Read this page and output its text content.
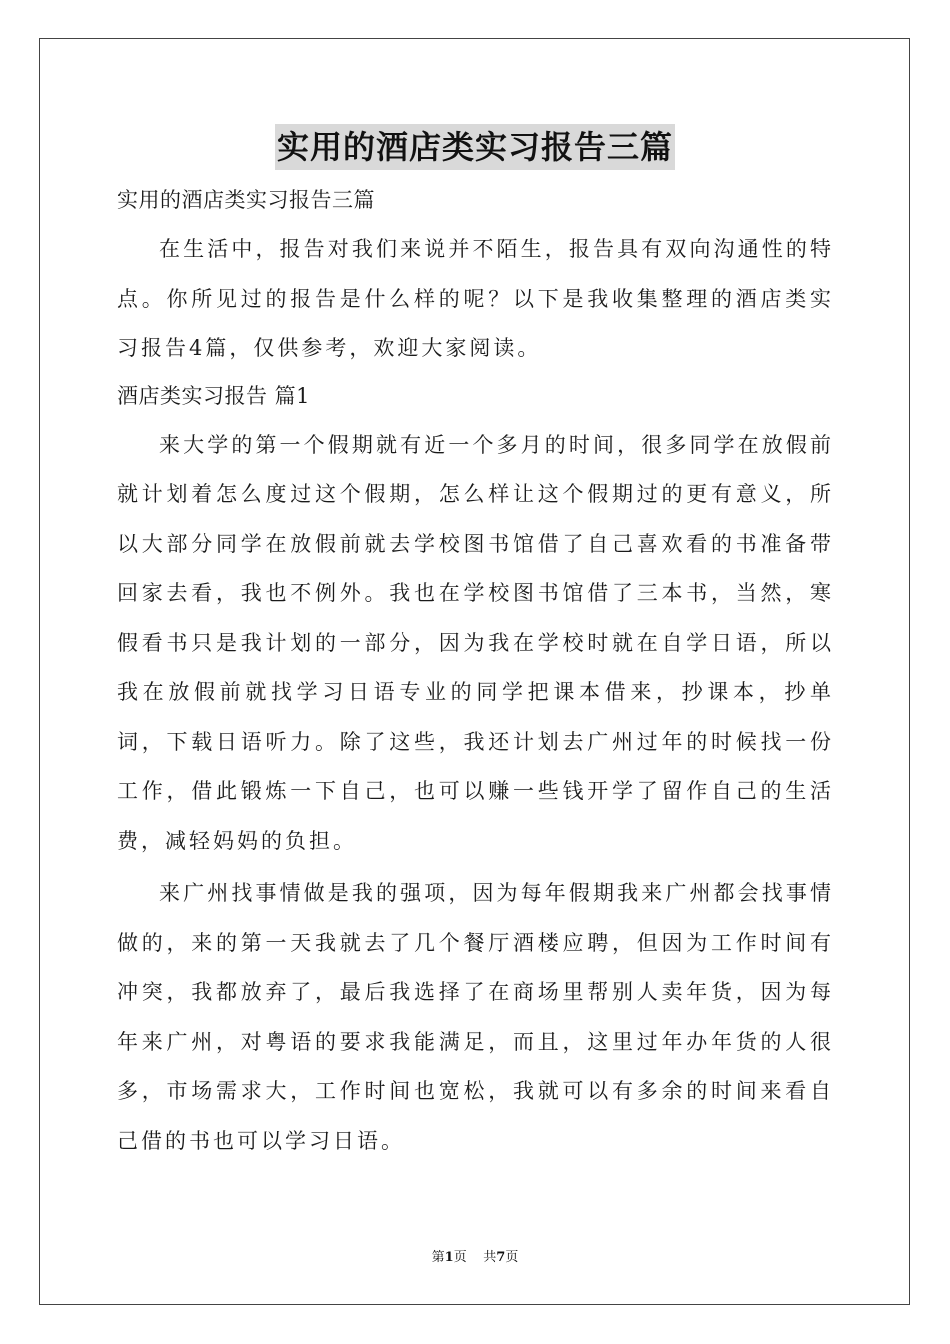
实用的酒店类实习报告三篇
实用的酒店类实习报告三篇

在生活中，报告对我们来说并不陌生，报告具有双向沟通性的特点。你所见过的报告是什么样的呢？以下是我收集整理的酒店类实习报告4篇，仅供参考，欢迎大家阅读。

酒店类实习报告 篇1

来大学的第一个假期就有近一个多月的时间，很多同学在放假前就计划着怎么度过这个假期，怎么样让这个假期过的更有意义，所以大部分同学在放假前就去学校图书馆借了自己喜欢看的书准备带回家去看，我也不例外。我也在学校图书馆借了三本书，当然，寒假看书只是我计划的一部分，因为我在学校时就在自学日语，所以我在放假前就找学习日语专业的同学把课本借来，抄课本，抄单词，下载日语听力。除了这些，我还计划去广州过年的时候找一份工作，借此锻炼一下自己，也可以赚一些钱开学了留作自己的生活费，减轻妈妈的负担。

来广州找事情做是我的强项，因为每年假期我来广州都会找事情做的，来的第一天我就去了几个餐厅酒楼应聘，但因为工作时间有冲突，我都放弃了，最后我选择了在商场里帮别人卖年货，因为每年来广州，对粤语的要求我能满足，而且，这里过年办年货的人很多，市场需求大，工作时间也宽松，我就可以有多余的时间来看自己借的书也可以学习日语。

第1页 共7页
